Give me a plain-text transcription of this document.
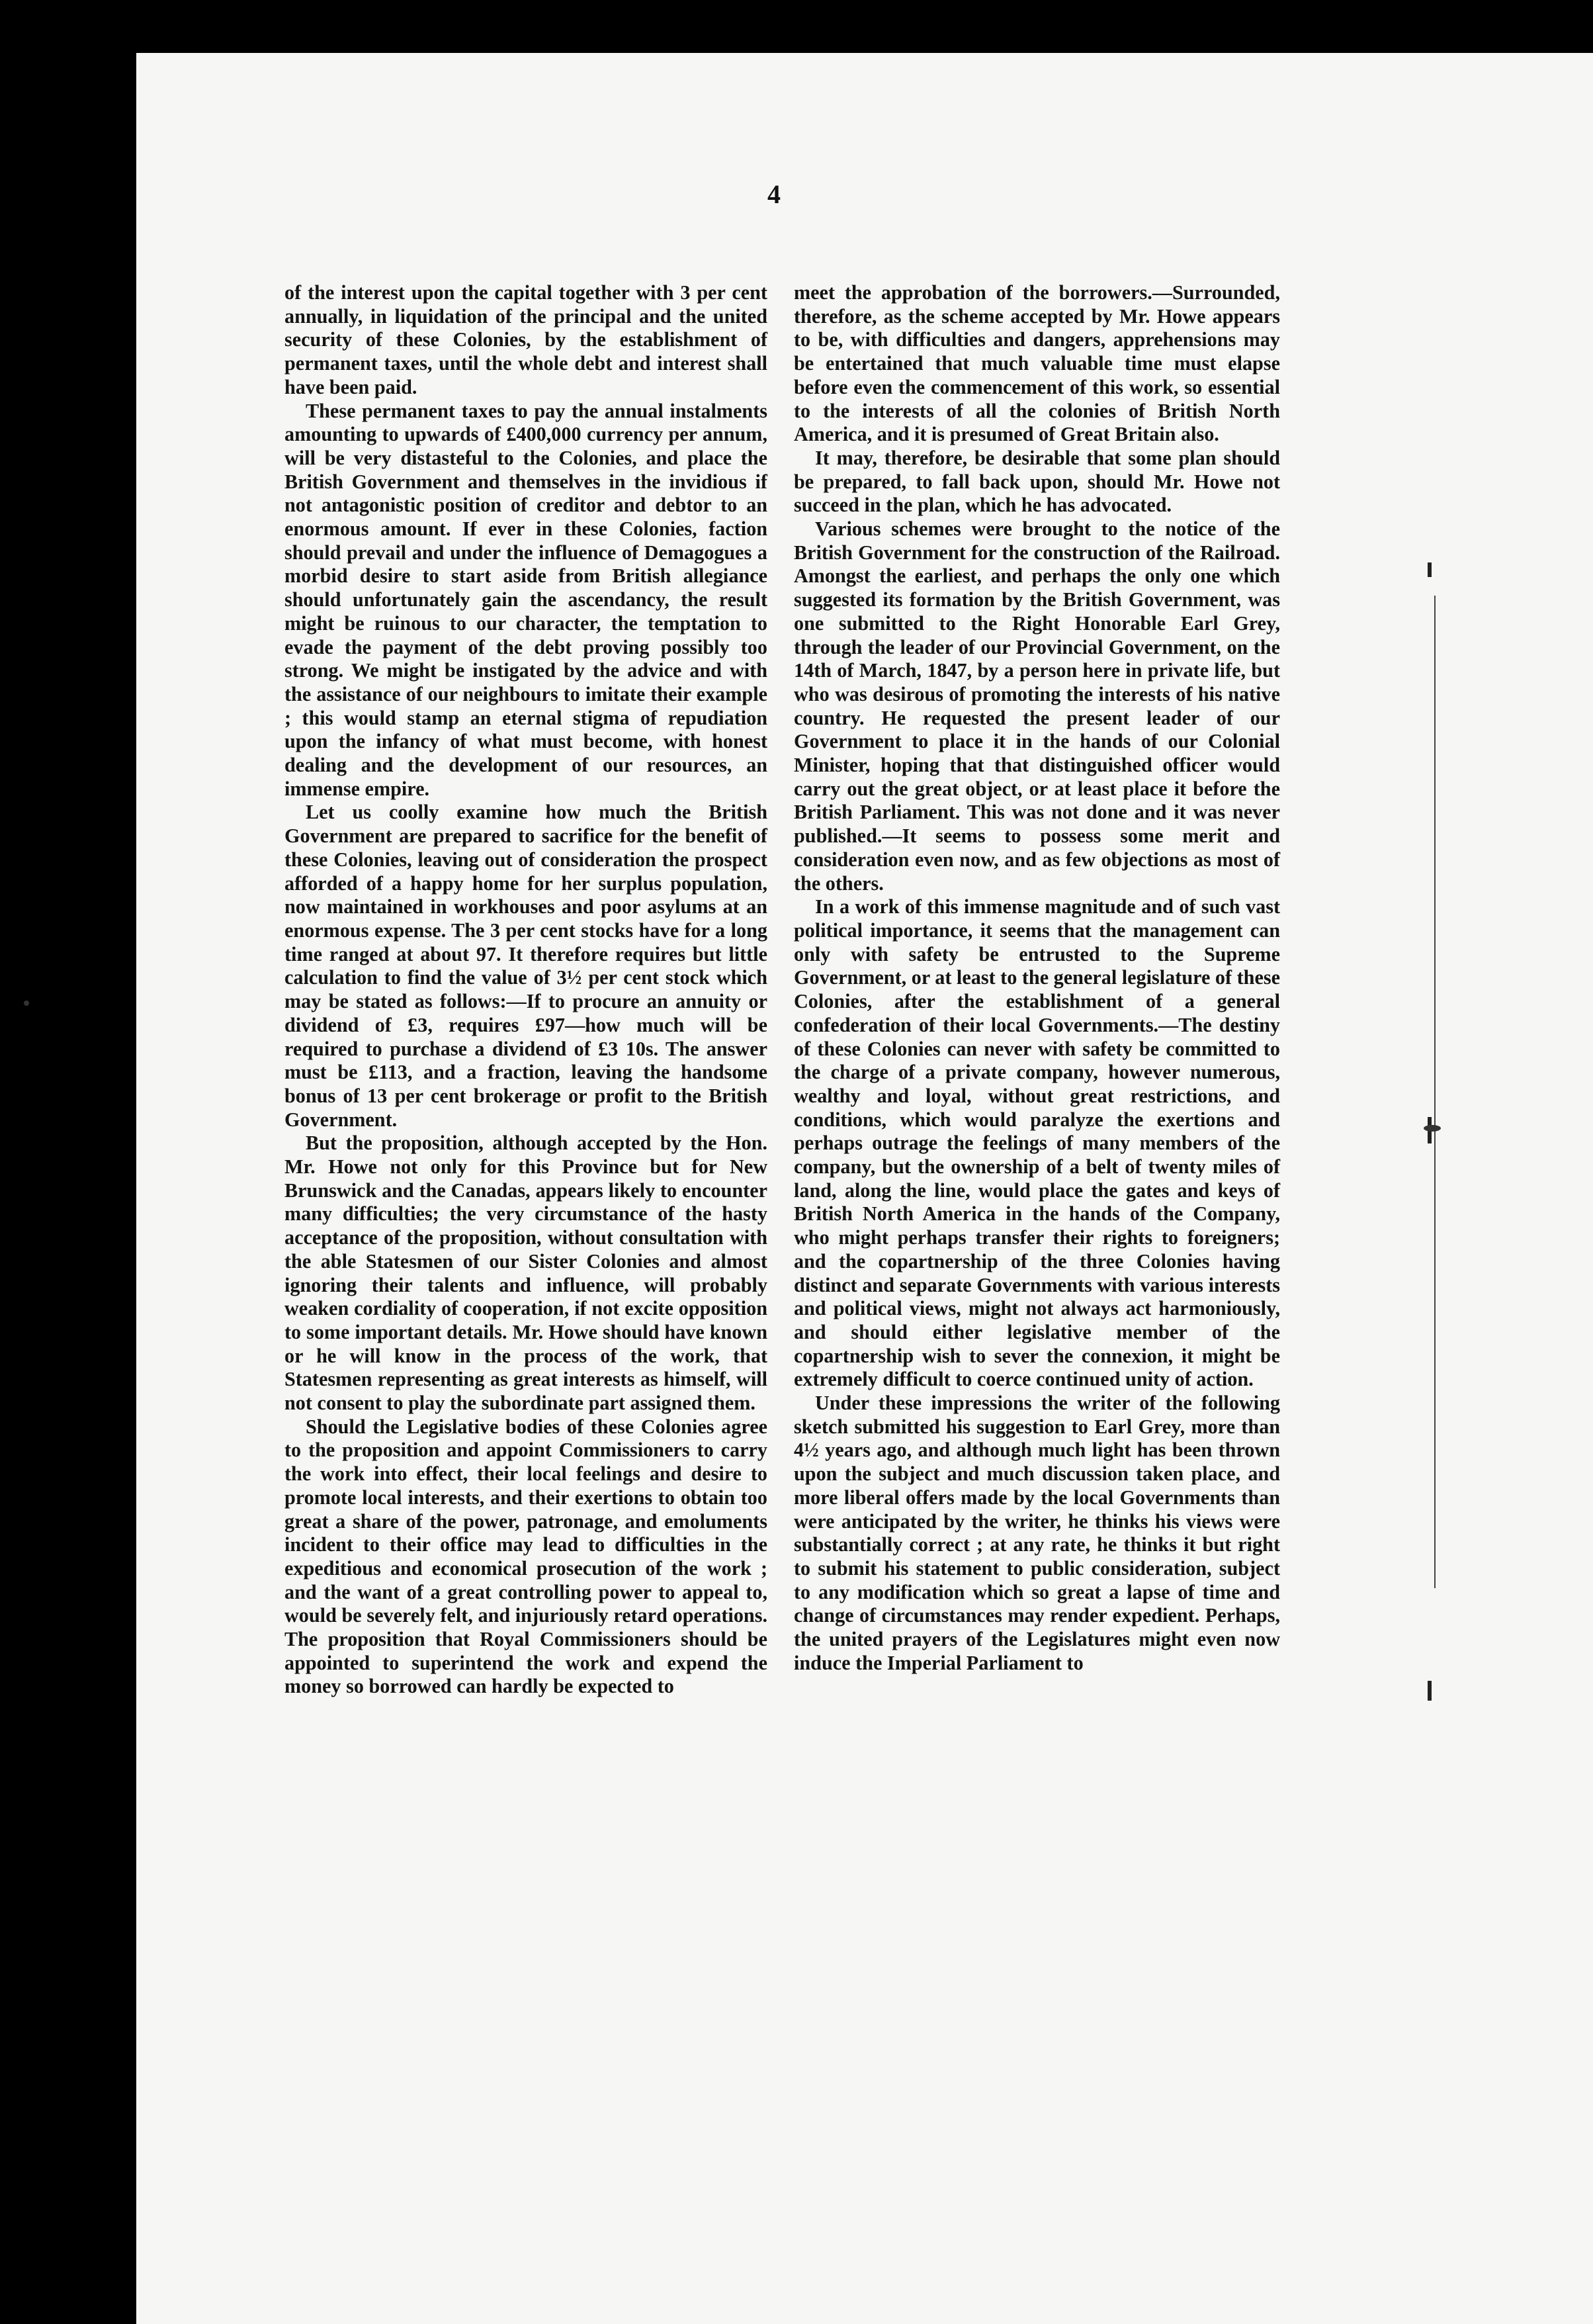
4

of the interest upon the capital together with 3 per cent annually, in liquidation of the principal and the united security of these Colonies, by the establishment of permanent taxes, until the whole debt and interest shall have been paid.

These permanent taxes to pay the annual instalments amounting to upwards of £400,000 currency per annum, will be very distasteful to the Colonies, and place the British Government and themselves in the invidious if not antagonistic position of creditor and debtor to an enormous amount. If ever in these Colonies, faction should prevail and under the influence of Demagogues a morbid desire to start aside from British allegiance should unfortunately gain the ascendancy, the result might be ruinous to our character, the temptation to evade the payment of the debt proving possibly too strong. We might be instigated by the advice and with the assistance of our neighbours to imitate their example ; this would stamp an eternal stigma of repudiation upon the infancy of what must become, with honest dealing and the development of our resources, an immense empire.

Let us coolly examine how much the British Government are prepared to sacrifice for the benefit of these Colonies, leaving out of consideration the prospect afforded of a happy home for her surplus population, now maintained in workhouses and poor asylums at an enormous expense. The 3 per cent stocks have for a long time ranged at about 97. It therefore requires but little calculation to find the value of 3½ per cent stock which may be stated as follows:—If to procure an annuity or dividend of £3, requires £97—how much will be required to purchase a dividend of £3 10s. The answer must be £113, and a fraction, leaving the handsome bonus of 13 per cent brokerage or profit to the British Government.

But the proposition, although accepted by the Hon. Mr. Howe not only for this Province but for New Brunswick and the Canadas, appears likely to encounter many difficulties; the very circumstance of the hasty acceptance of the proposition, without consultation with the able Statesmen of our Sister Colonies and almost ignoring their talents and influence, will probably weaken cordiality of cooperation, if not excite opposition to some important details. Mr. Howe should have known or he will know in the process of the work, that Statesmen representing as great interests as himself, will not consent to play the subordinate part assigned them.

Should the Legislative bodies of these Colonies agree to the proposition and appoint Commissioners to carry the work into effect, their local feelings and desire to promote local interests, and their exertions to obtain too great a share of the power, patronage, and emoluments incident to their office may lead to difficulties in the expeditious and economical prosecution of the work ; and the want of a great controlling power to appeal to, would be severely felt, and injuriously retard operations. The proposition that Royal Commissioners should be appointed to superintend the work and expend the money so borrowed can hardly be expected to

meet the approbation of the borrowers.—Surrounded, therefore, as the scheme accepted by Mr. Howe appears to be, with difficulties and dangers, apprehensions may be entertained that much valuable time must elapse before even the commencement of this work, so essential to the interests of all the colonies of British North America, and it is presumed of Great Britain also.

It may, therefore, be desirable that some plan should be prepared, to fall back upon, should Mr. Howe not succeed in the plan, which he has advocated.

Various schemes were brought to the notice of the British Government for the construction of the Railroad. Amongst the earliest, and perhaps the only one which suggested its formation by the British Government, was one submitted to the Right Honorable Earl Grey, through the leader of our Provincial Government, on the 14th of March, 1847, by a person here in private life, but who was desirous of promoting the interests of his native country. He requested the present leader of our Government to place it in the hands of our Colonial Minister, hoping that that distinguished officer would carry out the great object, or at least place it before the British Parliament. This was not done and it was never published.—It seems to possess some merit and consideration even now, and as few objections as most of the others.

In a work of this immense magnitude and of such vast political importance, it seems that the management can only with safety be entrusted to the Supreme Government, or at least to the general legislature of these Colonies, after the establishment of a general confederation of their local Governments.—The destiny of these Colonies can never with safety be committed to the charge of a private company, however numerous, wealthy and loyal, without great restrictions, and conditions, which would paralyze the exertions and perhaps outrage the feelings of many members of the company, but the ownership of a belt of twenty miles of land, along the line, would place the gates and keys of British North America in the hands of the Company, who might perhaps transfer their rights to foreigners; and the copartnership of the three Colonies having distinct and separate Governments with various interests and political views, might not always act harmoniously, and should either legislative member of the copartnership wish to sever the connexion, it might be extremely difficult to coerce continued unity of action.

Under these impressions the writer of the following sketch submitted his suggestion to Earl Grey, more than 4½ years ago, and although much light has been thrown upon the subject and much discussion taken place, and more liberal offers made by the local Governments than were anticipated by the writer, he thinks his views were substantially correct ; at any rate, he thinks it but right to submit his statement to public consideration, subject to any modification which so great a lapse of time and change of circumstances may render expedient. Perhaps, the united prayers of the Legislatures might even now induce the Imperial Parliament to
